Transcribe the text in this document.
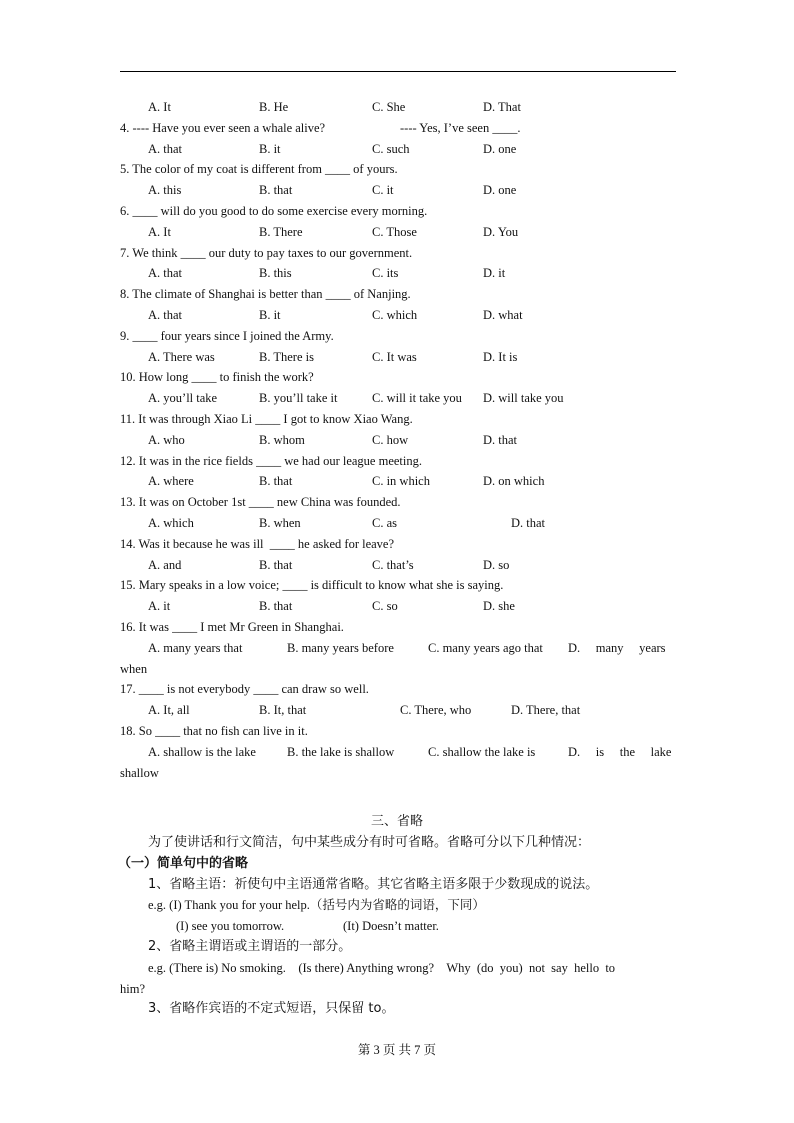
A. It	B. He	C. She	D. That
4. ---- Have you ever seen a whale alive?	---- Yes, I’ve seen ____.
A. that	B. it	C. such	D. one
5. The color of my coat is different from ____ of yours.
A. this	B. that	C. it	D. one
6. ____ will do you good to do some exercise every morning.
A. It	B. There	C. Those	D. You
7. We think ____ our duty to pay taxes to our government.
A. that	B. this	C. its	D. it
8. The climate of Shanghai is better than ____ of Nanjing.
A. that	B. it	C. which	D. what
9. ____ four years since I joined the Army.
A. There was	B. There is	C. It was	D. It is
10. How long ____ to finish the work?
A. you’ll take	B. you’ll take it	C. will it take you D. will take you
11. It was through Xiao Li ____ I got to know Xiao Wang.
A. who	B. whom	C. how	D. that
12. It was in the rice fields ____ we had our league meeting.
A. where	B. that	C. in which	D. on which
13. It was on October 1st ____ new China was founded.
A. which	B. when	C. as	D. that
14. Was it because he was ill  ____ he asked for leave?
A. and	B. that	C. that’s	D. so
15. Mary speaks in a low voice; ____ is difficult to know what she is saying.
A. it	B. that	C. so	D. she
16. It was ____ I met Mr Green in Shanghai.
A. many years that	B. many years before	C. many years ago that D.     many     years
when
17. ____ is not everybody ____ can draw so well.
A. It, all	B. It, that	C. There, who	D. There, that
18. So ____ that no fish can live in it.
A. shallow is the lake B. the lake is shallow	C. shallow the lake is	D.     is     the     lake
shallow
三、省略
为了使讲话和行文简洁，句中某些成分有时可省略。省略可分以下几种情况：
（一）简单句中的省略
1、省略主语：祈使句中主语通常省略。其它省略主语多限于少数现成的说法。
e.g. (I) Thank you for your help.（括号内为省略的词语，下同）
(I) see you tomorrow.	(It) Doesn’t matter.
2、省略主谓语或主谓语的一部分。
e.g. (There is) No smoking.    (Is there) Anything wrong?    Why  (do  you)  not  say  hello  to
him?
3、省略作宾语的不定式短语，只保留 to。
第 3 页 共 7 页
